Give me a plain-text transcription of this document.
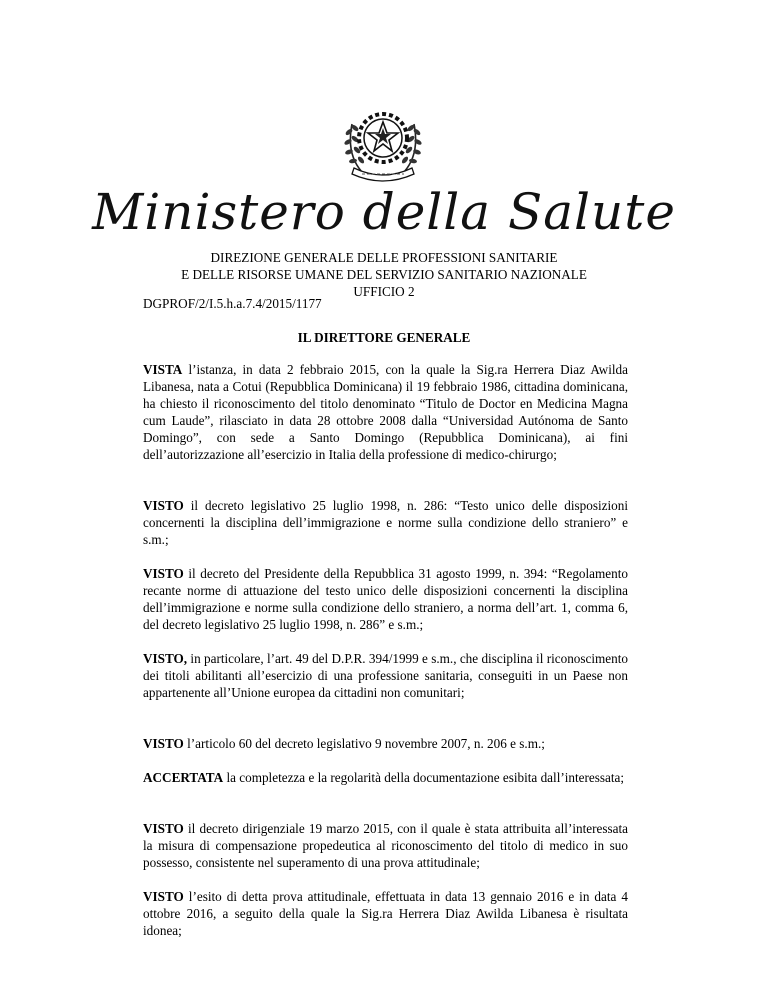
Ministero della Salute
DIREZIONE GENERALE DELLE PROFESSIONI SANITARIE
E DELLE RISORSE UMANE DEL SERVIZIO SANITARIO NAZIONALE
UFFICIO 2
DGPROF/2/I.5.h.a.7.4/2015/1177
IL DIRETTORE GENERALE
VISTA l’istanza, in data 2 febbraio 2015, con la quale la Sig.ra Herrera Diaz Awilda Libanesa, nata a Cotui (Repubblica Dominicana) il 19 febbraio 1986, cittadina dominicana, ha chiesto il riconoscimento del titolo denominato “Titulo de Doctor en Medicina Magna cum Laude”, rilasciato in data 28 ottobre 2008 dalla “Universidad Autónoma de Santo Domingo”, con sede a Santo Domingo (Repubblica Dominicana), ai fini dell’autorizzazione all’esercizio in Italia della professione di medico-chirurgo;
VISTO il decreto legislativo 25 luglio 1998, n. 286: “Testo unico delle disposizioni concernenti la disciplina dell’immigrazione e norme sulla condizione dello straniero” e s.m.;
VISTO il decreto del Presidente della Repubblica 31 agosto 1999, n. 394: “Regolamento recante norme di attuazione del testo unico delle disposizioni concernenti la disciplina dell’immigrazione e norme sulla condizione dello straniero, a norma dell’art. 1, comma 6, del decreto legislativo 25 luglio 1998, n. 286” e s.m.;
VISTO, in particolare, l’art. 49 del D.P.R. 394/1999 e s.m., che disciplina il riconoscimento dei titoli abilitanti all’esercizio di una professione sanitaria, conseguiti in un Paese non appartenente all’Unione europea da cittadini non comunitari;
VISTO l’articolo 60 del decreto legislativo 9 novembre 2007, n. 206 e s.m.;
ACCERTATA la completezza e la regolarità della documentazione esibita dall’interessata;
VISTO il decreto dirigenziale 19 marzo 2015, con il quale è stata attribuita all’interessata la misura di compensazione propedeutica al riconoscimento del titolo di medico in suo possesso, consistente nel superamento di una prova attitudinale;
VISTO l’esito di detta prova attitudinale, effettuata in data 13 gennaio 2016 e in data 4 ottobre 2016, a seguito della quale la Sig.ra Herrera Diaz Awilda Libanesa è risultata idonea;
